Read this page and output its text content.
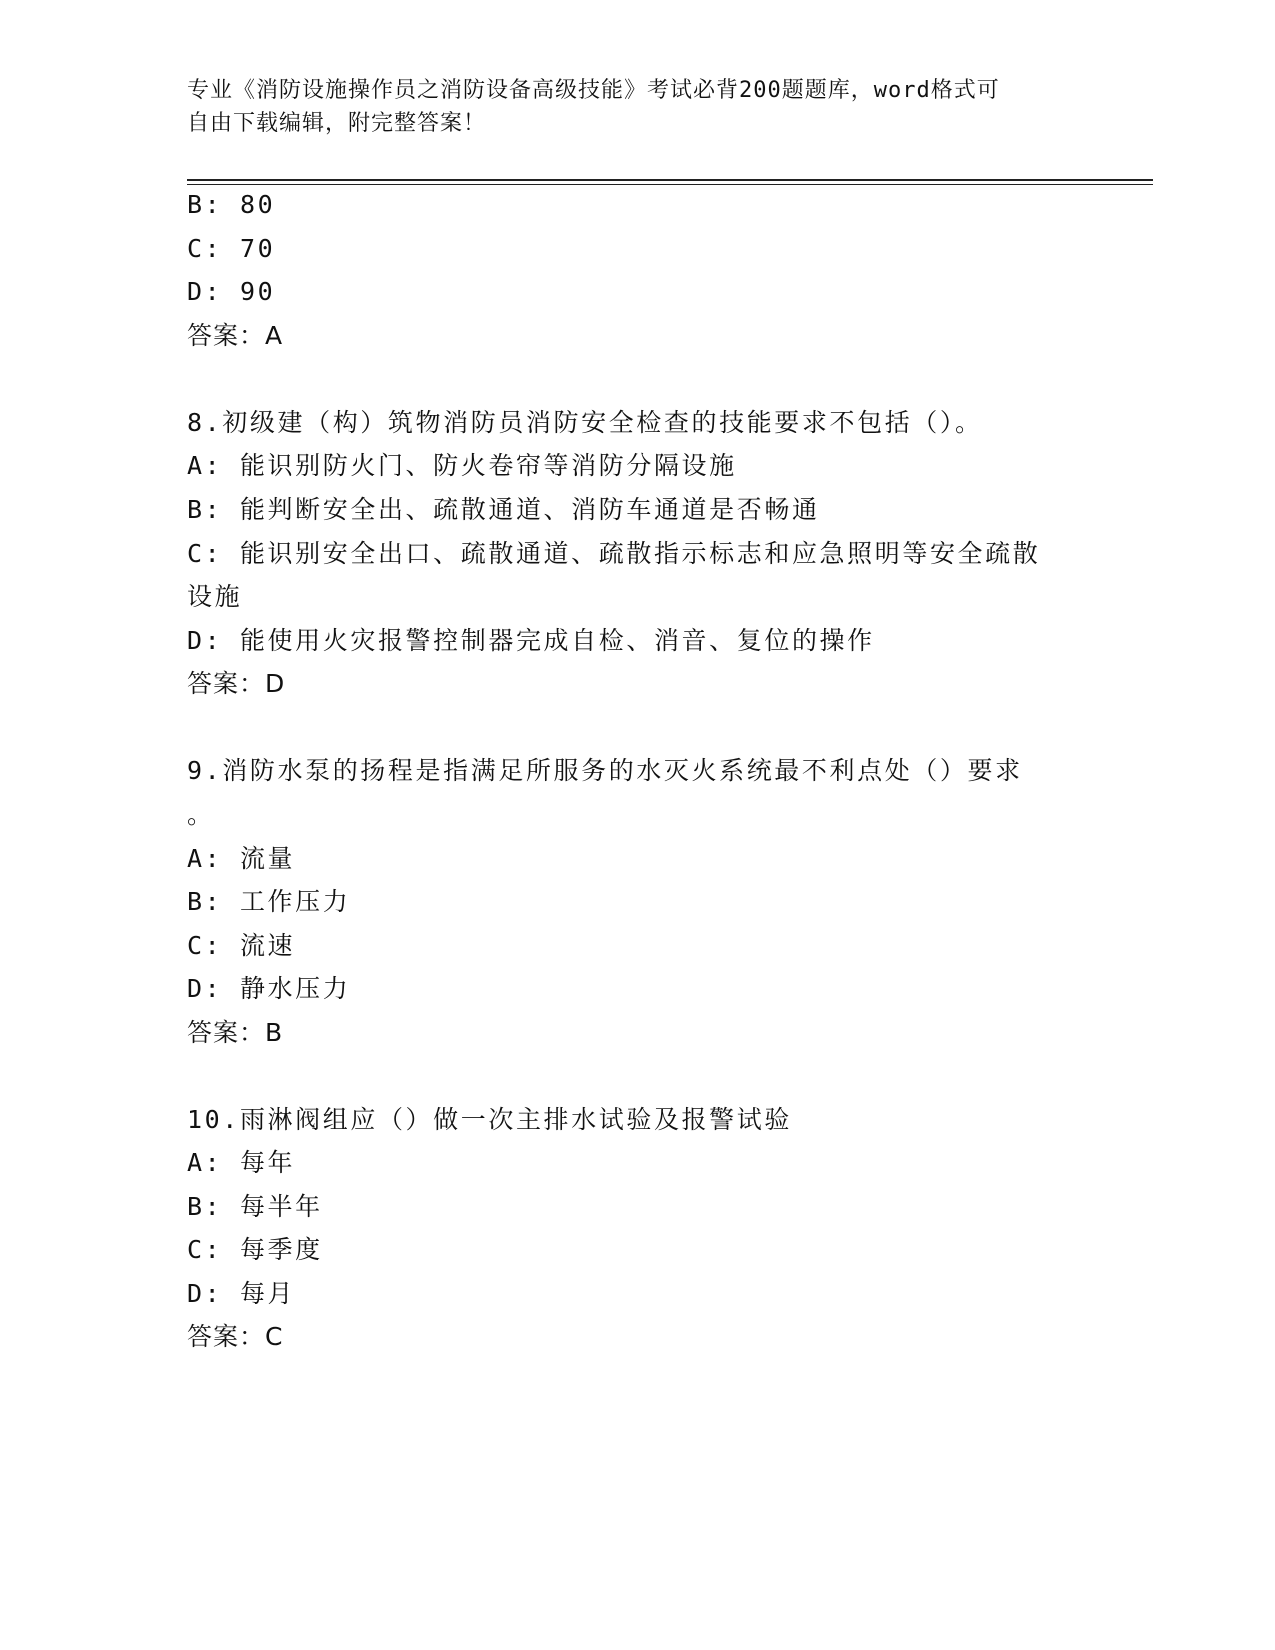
专业《消防设施操作员之消防设备高级技能》考试必背200题题库，word格式可
自由下载编辑，附完整答案！
B: 80
C: 70
D: 90
答案：A
8.初级建（构）筑物消防员消防安全检查的技能要求不包括（）。
A: 能识别防火门、防火卷帘等消防分隔设施
B: 能判断安全出、疏散通道、消防车通道是否畅通
C: 能识别安全出口、疏散通道、疏散指示标志和应急照明等安全疏散
设施
D: 能使用火灾报警控制器完成自检、消音、复位的操作
答案：D
9.消防水泵的扬程是指满足所服务的水灭火系统最不利点处（）要求
。
A: 流量
B: 工作压力
C: 流速
D: 静水压力
答案：B
10.雨淋阀组应（）做一次主排水试验及报警试验
A: 每年
B: 每半年
C: 每季度
D: 每月
答案：C
